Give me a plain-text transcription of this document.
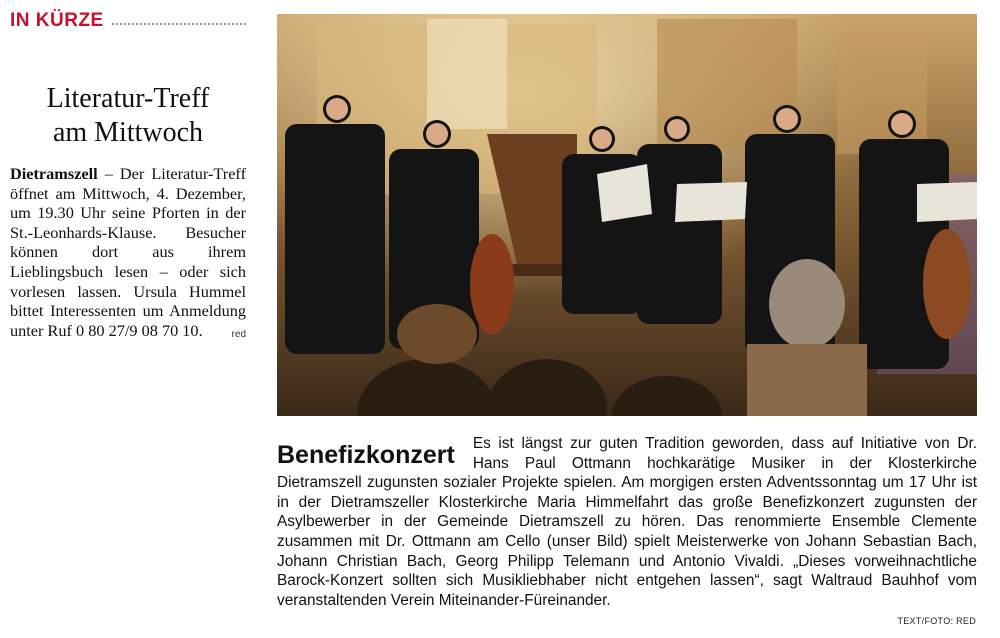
IN KÜRZE
Literatur-Treff
am Mittwoch
Dietramszell – Der Literatur-Treff öffnet am Mittwoch, 4. Dezember, um 19.30 Uhr seine Pforten in der St.-Leonhards-Klause. Besucher können dort aus ihrem Lieblingsbuch lesen – oder sich vorlesen lassen. Ursula Hummel bittet Interessenten um Anmeldung unter Ruf 0 80 27/9 08 70 10.	red
Benefizkonzert	Es ist längst zur guten Tradition geworden, dass auf Initiative von Dr. Hans Paul Ottmann hochkarätige Musiker in der Klosterkirche Dietramszell zugunsten sozialer Projekte spielen. Am morgigen ersten Adventssonntag um 17 Uhr ist in der Dietramszeller Klosterkirche Maria Himmelfahrt das große Benefizkonzert zugunsten der Asylbewerber in der Gemeinde Dietramszell zu hören. Das renommierte Ensemble Clemente zusammen mit Dr. Ottmann am Cello (unser Bild) spielt Meisterwerke von Johann Sebastian Bach, Johann Christian Bach, Georg Philipp Telemann und Antonio Vivaldi. „Dieses vorweihnachtliche Barock-Konzert sollten sich Musikliebhaber nicht entgehen lassen“, sagt Waltraud Bauhhof vom veranstaltenden Verein Miteinander-Füreinander.

TEXT/FOTO: RED
